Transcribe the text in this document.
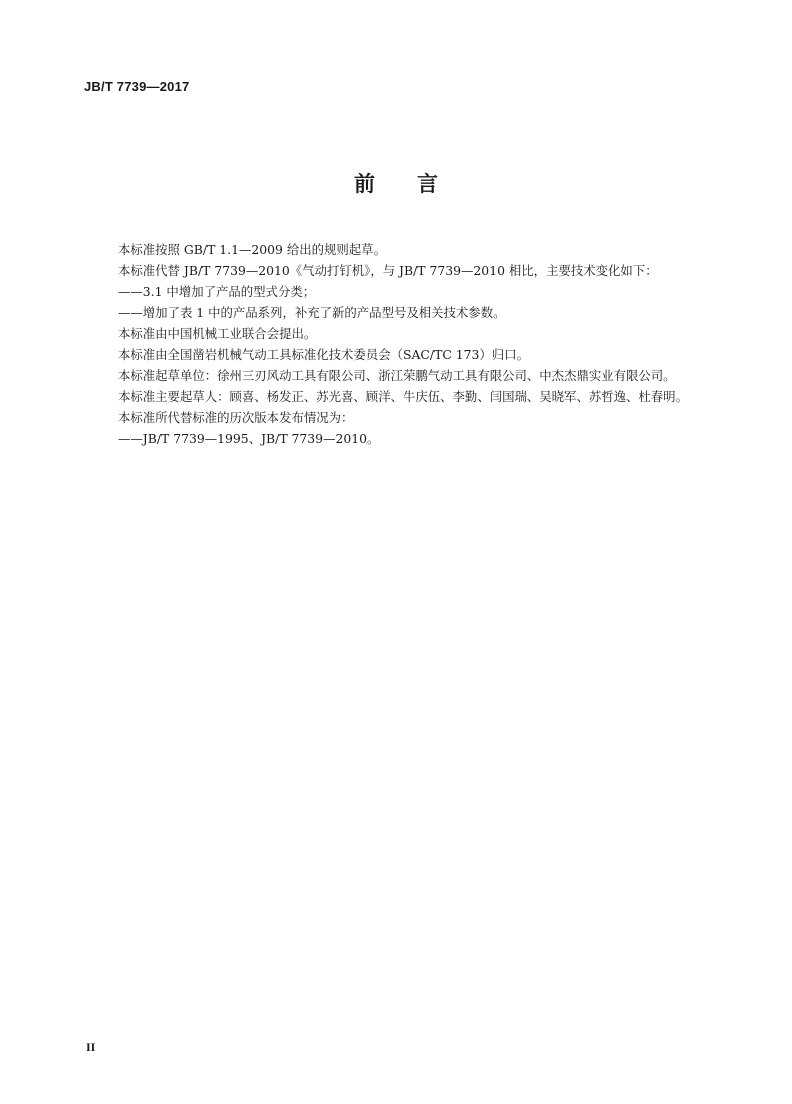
JB/T 7739—2017
前言

本标准按照 GB/T 1.1—2009 给出的规则起草。

本标准代替 JB/T 7739—2010《气动打钉机》，与 JB/T 7739—2010 相比，主要技术变化如下：

——3.1 中增加了产品的型式分类；

——增加了表 1 中的产品系列，补充了新的产品型号及相关技术参数。

本标准由中国机械工业联合会提出。

本标准由全国凿岩机械气动工具标准化技术委员会（SAC/TC 173）归口。

本标准起草单位：徐州三刃风动工具有限公司、浙江荣鹏气动工具有限公司、中杰杰鼎实业有限公司。

本标准主要起草人：顾喜、杨发正、苏光喜、顾洋、牛庆伍、李勤、闫国瑞、吴晓军、苏哲逸、杜春明。

本标准所代替标准的历次版本发布情况为：

——JB/T 7739—1995、JB/T 7739—2010。

II
